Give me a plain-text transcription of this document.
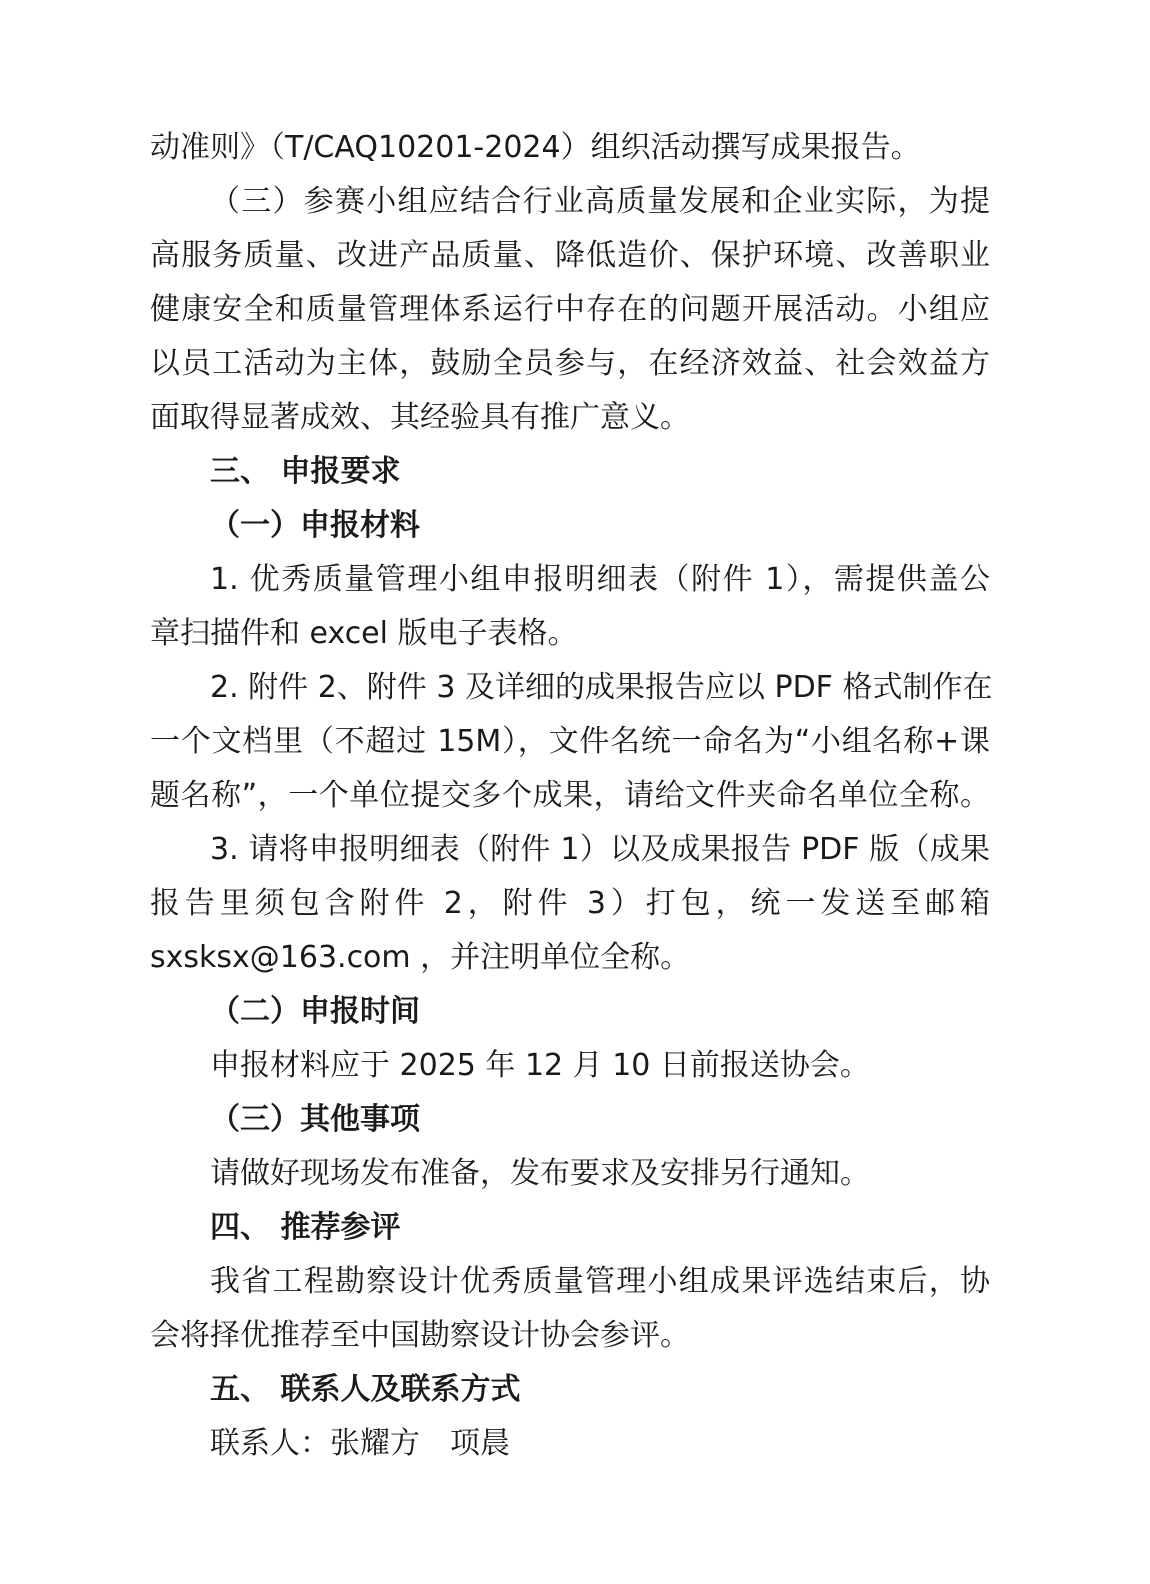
动准则》（T/CAQ10201-2024）组织活动撰写成果报告。
（三）参赛小组应结合行业高质量发展和企业实际，为提
高服务质量、改进产品质量、降低造价、保护环境、改善职业
健康安全和质量管理体系运行中存在的问题开展活动。小组应
以员工活动为主体，鼓励全员参与，在经济效益、社会效益方
面取得显著成效、其经验具有推广意义。
三、 申报要求
（一）申报材料
1. 优秀质量管理小组申报明细表（附件 1），需提供盖公
章扫描件和 excel 版电子表格。
2. 附件 2、附件 3 及详细的成果报告应以 PDF 格式制作在
一个文档里（不超过 15M），文件名统一命名为“小组名称+课
题名称”，一个单位提交多个成果，请给文件夹命名单位全称。
3. 请将申报明细表（附件 1）以及成果报告 PDF 版（成果
报告里须包含附件 2，附件 3）打包，统一发送至邮箱
sxsksx@163.com ，并注明单位全称。
（二）申报时间
申报材料应于 2025 年 12 月 10 日前报送协会。
（三）其他事项
请做好现场发布准备，发布要求及安排另行通知。
四、 推荐参评
我省工程勘察设计优秀质量管理小组成果评选结束后，协
会将择优推荐至中国勘察设计协会参评。
五、 联系人及联系方式
联系人：张耀方　项晨
